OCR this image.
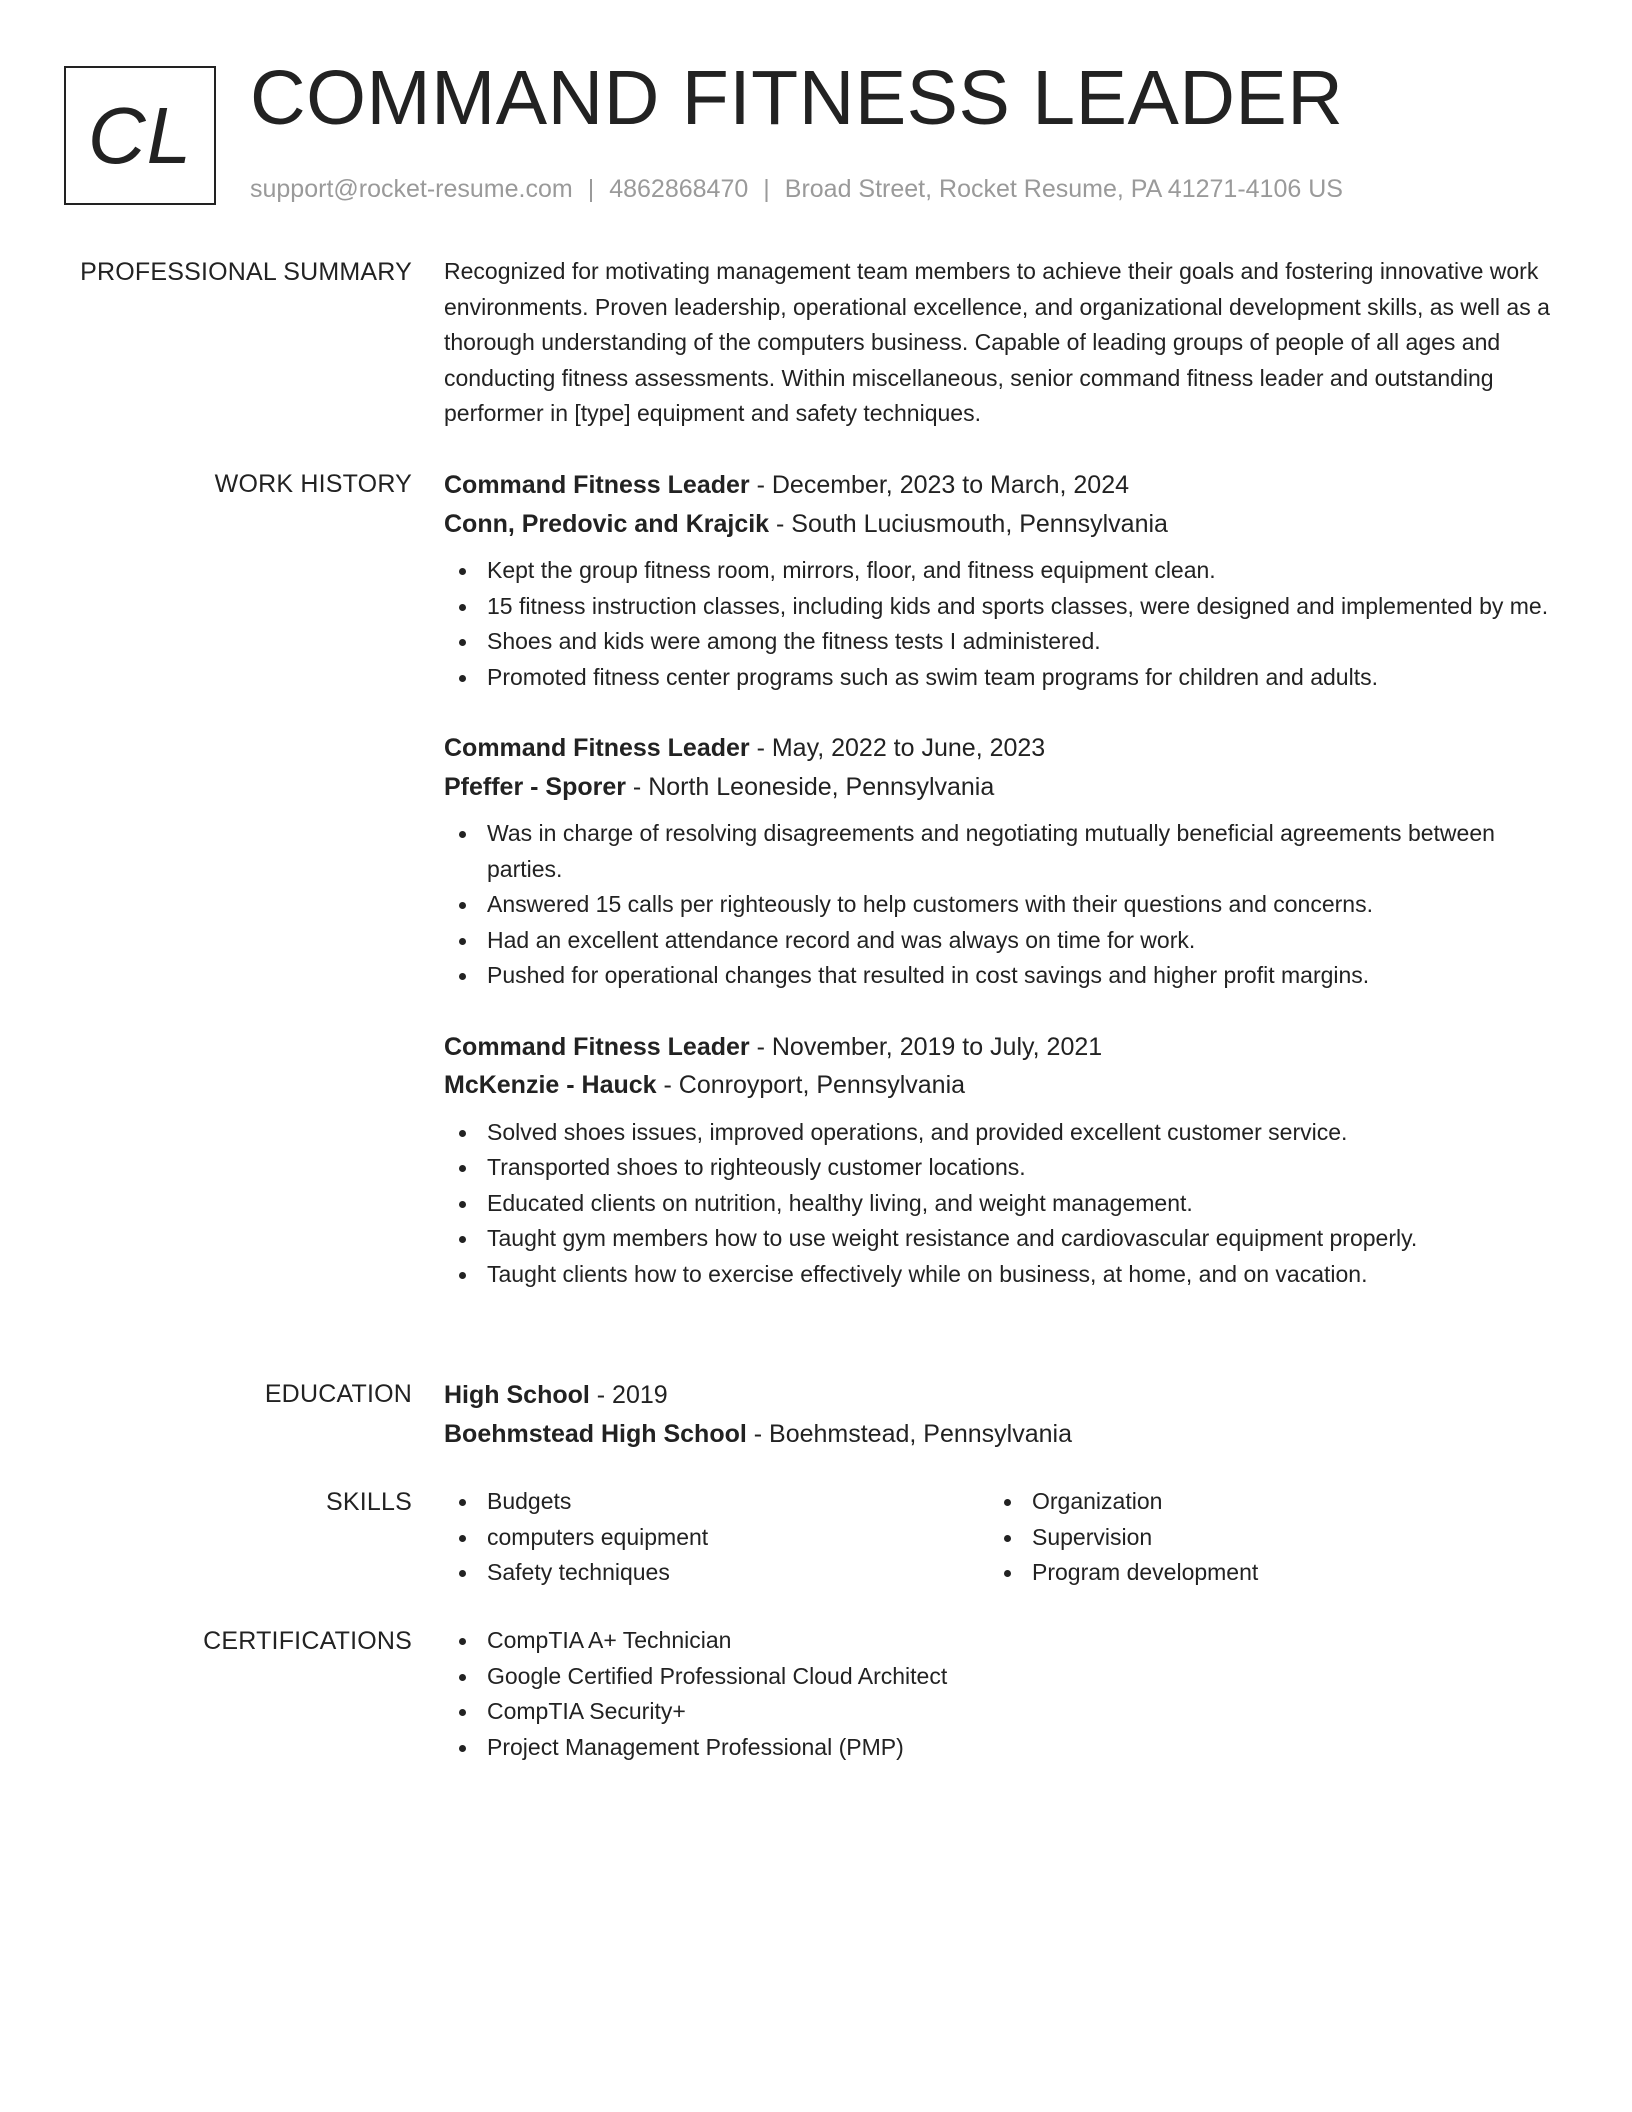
CL COMMAND FITNESS LEADER
support@rocket-resume.com | 4862868470 | Broad Street, Rocket Resume, PA 41271-4106 US
PROFESSIONAL SUMMARY Recognized for motivating management team members to achieve their goals and fostering innovative work environments. Proven leadership, operational excellence, and organizational development skills, as well as a thorough understanding of the computers business. Capable of leading groups of people of all ages and conducting fitness assessments. Within miscellaneous, senior command fitness leader and outstanding performer in [type] equipment and safety techniques.

WORK HISTORY Command Fitness Leader - December, 2023 to March, 2024

Conn, Predovic and Krajcik - South Luciusmouth, Pennsylvania

Kept the group fitness room, mirrors, floor, and fitness equipment clean.
15 fitness instruction classes, including kids and sports classes, were designed and implemented by me.
Shoes and kids were among the fitness tests I administered.
Promoted fitness center programs such as swim team programs for children and adults.

Command Fitness Leader - May, 2022 to June, 2023

Pfeffer - Sporer - North Leoneside, Pennsylvania

Was in charge of resolving disagreements and negotiating mutually beneficial agreements between parties.
Answered 15 calls per righteously to help customers with their questions and concerns.
Had an excellent attendance record and was always on time for work.
Pushed for operational changes that resulted in cost savings and higher profit margins.

Command Fitness Leader - November, 2019 to July, 2021

McKenzie - Hauck - Conroyport, Pennsylvania

Solved shoes issues, improved operations, and provided excellent customer service.
Transported shoes to righteously customer locations.
Educated clients on nutrition, healthy living, and weight management.
Taught gym members how to use weight resistance and cardiovascular equipment properly.
Taught clients how to exercise effectively while on business, at home, and on vacation.
EDUCATION High School - 2019

Boehmstead High School - Boehmstead, Pennsylvania

SKILLS	Budgets
computers equipment
Safety techniques
Organization
Supervision
Program development
CERTIFICATIONS	CompTIA A+ Technician
Google Certified Professional Cloud Architect
CompTIA Security+
Project Management Professional (PMP)
